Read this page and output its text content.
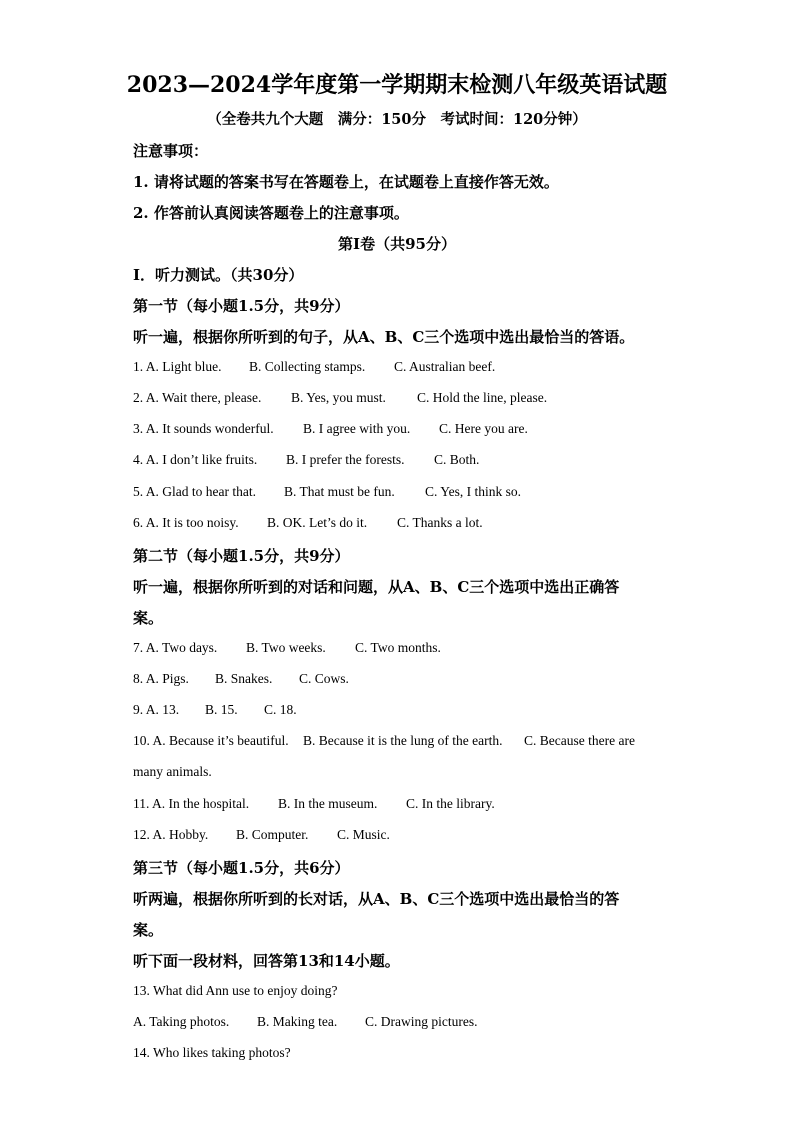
2023—2024学年度第一学期期末检测八年级英语试题
（全卷共九个大题　满分：150分　考试时间：120分钟）
注意事项：
1. 请将试题的答案书写在答题卷上，在试题卷上直接作答无效。
2. 作答前认真阅读答题卷上的注意事项。
第Ⅰ卷（共95分）
Ⅰ．听力测试。（共30分）
第一节（每小题1.5分，共9分）
听一遍，根据你所听到的句子，从A、B、C三个选项中选出最恰当的答语。
1. A. Light blue. B. Collecting stamps. C. Australian beef.
2. A. Wait there, please. B. Yes, you must. C. Hold the line, please.
3. A. It sounds wonderful. B. I agree with you. C. Here you are.
4. A. I don’t like fruits. B. I prefer the forests. C. Both.
5. A. Glad to hear that. B. That must be fun. C. Yes, I think so.
6. A. It is too noisy. B. OK. Let’s do it. C. Thanks a lot.
第二节（每小题1.5分，共9分）
听一遍，根据你所听到的对话和问题，从A、B、C三个选项中选出正确答
案。
7. A. Two days. B. Two weeks. C. Two months.
8. A. Pigs. B. Snakes. C. Cows.
9. A. 13. B. 15. C. 18.
10. A. Because it’s beautiful. B. Because it is the lung of the earth. C. Because there are
many animals.
11. A. In the hospital. B. In the museum. C. In the library.
12. A. Hobby. B. Computer. C. Music.
第三节（每小题1.5分，共6分）
听两遍，根据你所听到的长对话，从A、B、C三个选项中选出最恰当的答
案。
听下面一段材料，回答第13和14小题。
13. What did Ann use to enjoy doing?
A. Taking photos. B. Making tea. C. Drawing pictures.
14. Who likes taking photos?
